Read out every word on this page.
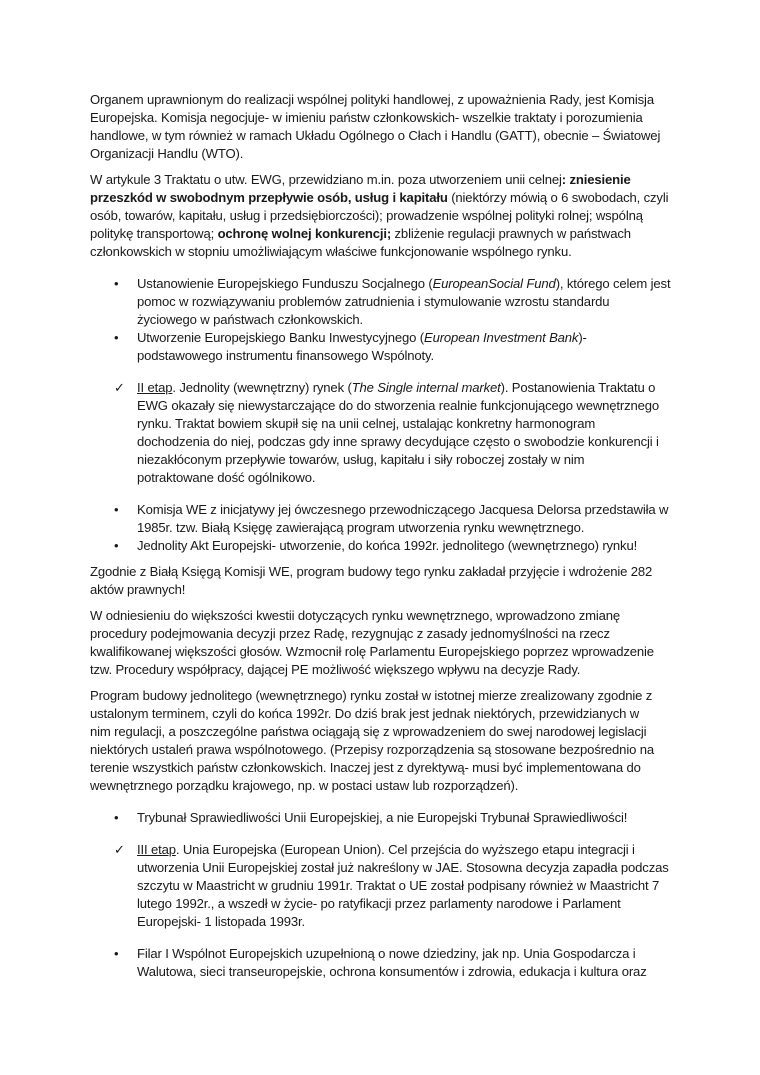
Organem uprawnionym do realizacji wspólnej polityki handlowej, z upoważnienia Rady, jest Komisja
Europejska. Komisja negocjuje- w imieniu państw członkowskich- wszelkie traktaty i porozumienia
handlowe, w tym również w ramach Układu Ogólnego o Cłach i Handlu (GATT), obecnie – Światowej
Organizacji Handlu (WTO).
W artykule 3 Traktatu o utw. EWG, przewidziano m.in. poza utworzeniem unii celnej: zniesienie
przeszkód w swobodnym przepływie osób, usług i kapitału (niektórzy mówią o 6 swobodach, czyli
osób, towarów, kapitału, usług i przedsiębiorczości); prowadzenie wspólnej polityki rolnej; wspólną
politykę transportową; ochronę wolnej konkurencji; zbliżenie regulacji prawnych w państwach
członkowskich w stopniu umożliwiającym właściwe funkcjonowanie wspólnego rynku.
•	Ustanowienie Europejskiego Funduszu Socjalnego (EuropeanSocial Fund), którego celem jest
pomoc w rozwiązywaniu problemów zatrudnienia i stymulowanie wzrostu standardu
życiowego w państwach członkowskich.
•	Utworzenie Europejskiego Banku Inwestycyjnego (European Investment Bank)-
podstawowego instrumentu finansowego Wspólnoty.
✓ II etap. Jednolity (wewnętrzny) rynek (The Single internal market). Postanowienia Traktatu o
EWG okazały się niewystarczające do do stworzenia realnie funkcjonującego wewnętrznego
rynku. Traktat bowiem skupił się na unii celnej, ustalając konkretny harmonogram
dochodzenia do niej, podczas gdy inne sprawy decydujące często o swobodzie konkurencji i
niezakłóconym przepływie towarów, usług, kapitału i siły roboczej zostały w nim
potraktowane dość ogólnikowo.
•	Komisja WE z inicjatywy jej ówczesnego przewodniczącego Jacquesa Delorsa przedstawiła w
1985r. tzw. Białą Księgę zawierającą program utworzenia rynku wewnętrznego.
•	Jednolity Akt Europejski- utworzenie, do końca 1992r. jednolitego (wewnętrznego) rynku!
Zgodnie z Białą Księgą Komisji WE, program budowy tego rynku zakładał przyjęcie i wdrożenie 282
aktów prawnych!
W odniesieniu do większości kwestii dotyczących rynku wewnętrznego, wprowadzono zmianę
procedury podejmowania decyzji przez Radę, rezygnując z zasady jednomyślności na rzecz
kwalifikowanej większości głosów. Wzmocnił rolę Parlamentu Europejskiego poprzez wprowadzenie
tzw. Procedury współpracy, dającej PE możliwość większego wpływu na decyzje Rady.
Program budowy jednolitego (wewnętrznego) rynku został w istotnej mierze zrealizowany zgodnie z
ustalonym terminem, czyli do końca 1992r. Do dziś brak jest jednak niektórych, przewidzianych w
nim regulacji, a poszczególne państwa ociągają się z wprowadzeniem do swej narodowej legislacji
niektórych ustaleń prawa wspólnotowego. (Przepisy rozporządzenia są stosowane bezpośrednio na
terenie wszystkich państw członkowskich. Inaczej jest z dyrektywą- musi być implementowana do
wewnętrznego porządku krajowego, np. w postaci ustaw lub rozporządzeń).
•	Trybunał Sprawiedliwości Unii Europejskiej, a nie Europejski Trybunał Sprawiedliwości!
✓ III etap. Unia Europejska (European Union). Cel przejścia do wyższego etapu integracji i
utworzenia Unii Europejskiej został już nakreślony w JAE. Stosowna decyzja zapadła podczas
szczytu w Maastricht w grudniu 1991r. Traktat o UE został podpisany również w Maastricht 7
lutego 1992r., a wszedł w życie- po ratyfikacji przez parlamenty narodowe i Parlament
Europejski- 1 listopada 1993r.
•	Filar I Wspólnot Europejskich uzupełnioną o nowe dziedziny, jak np. Unia Gospodarcza i
Walutowa, sieci transeuropejskie, ochrona konsumentów i zdrowia, edukacja i kultura oraz
